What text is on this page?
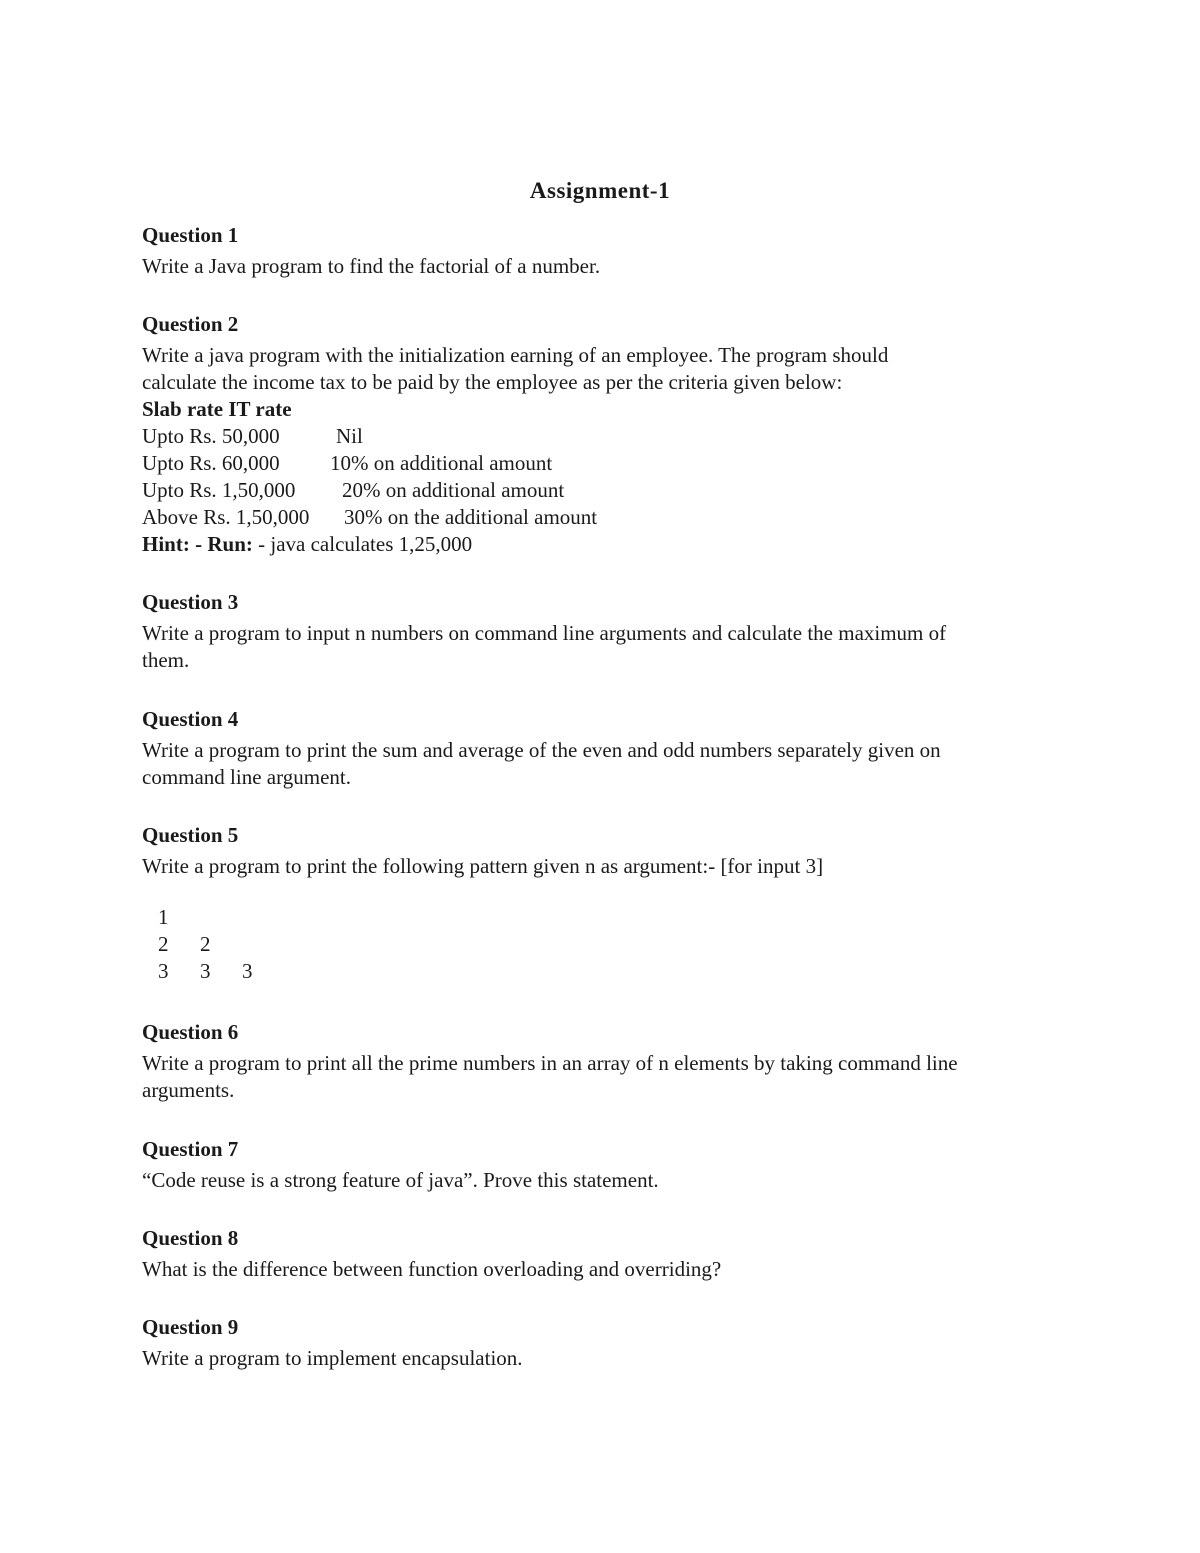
Assignment-1
Question 1
Write a Java program to find the factorial of a number.
Question 2
Write a java program with the initialization earning of an employee. The program should
calculate the income tax to be paid by the employee as per the criteria given below:
Slab rate IT rate
Upto Rs. 50,000	Nil
Upto Rs. 60,000 10% on additional amount
Upto Rs. 1,50,000 20% on additional amount
Above Rs. 1,50,000 30% on the additional amount
Hint: - Run: - java calculates 1,25,000
Question 3
Write a program to input n numbers on command line arguments and calculate the maximum of
them.
Question 4
Write a program to print the sum and average of the even and odd numbers separately given on
command line argument.
Question 5
Write a program to print the following pattern given n as argument:- [for input 3]
1
2 2
3 3 3
Question 6
Write a program to print all the prime numbers in an array of n elements by taking command line
arguments.
Question 7
“Code reuse is a strong feature of java”. Prove this statement.
Question 8
What is the difference between function overloading and overriding?
Question 9
Write a program to implement encapsulation.
